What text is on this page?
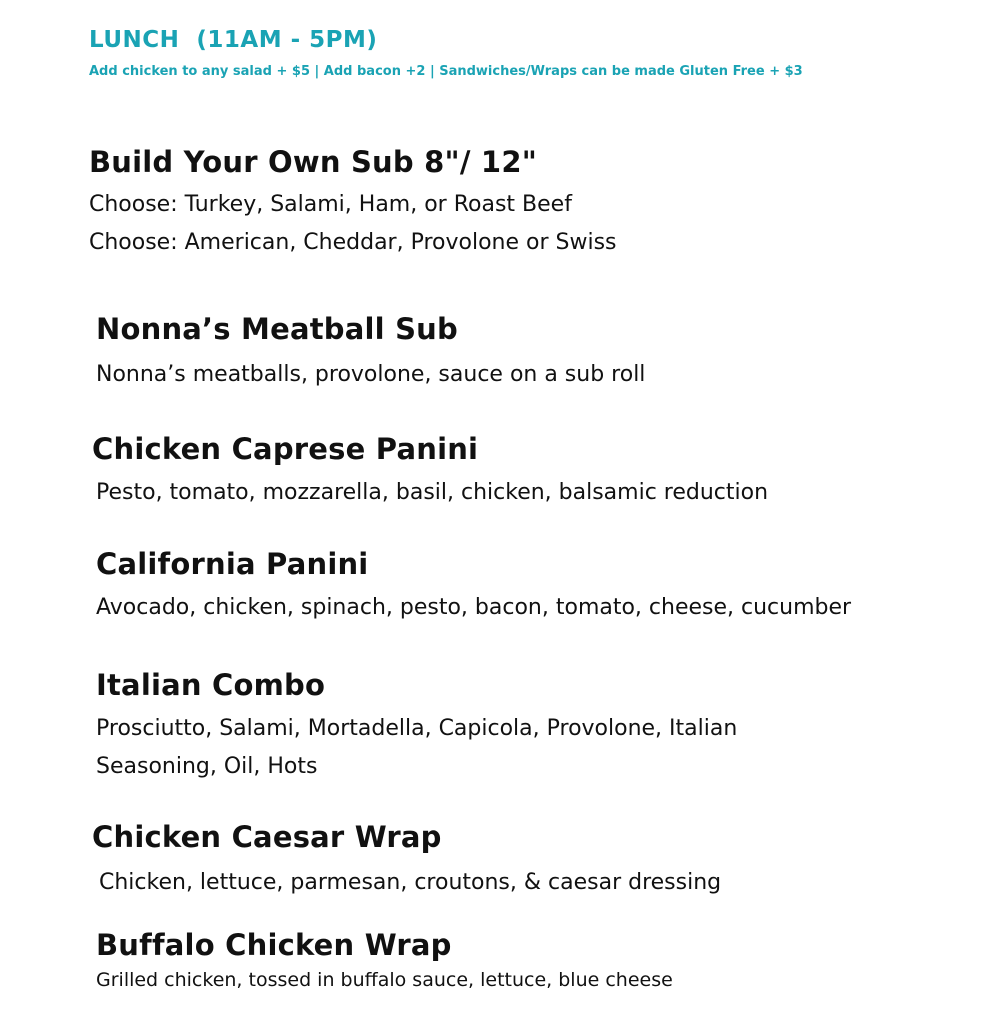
LUNCH  (11AM - 5PM)
Add chicken to any salad + $5 | Add bacon +2 | Sandwiches/Wraps can be made Gluten Free + $3
Build Your Own Sub 8"/ 12"
Choose: Turkey, Salami, Ham, or Roast Beef
Choose: American, Cheddar, Provolone or Swiss
Nonna’s Meatball Sub
Nonna’s meatballs, provolone, sauce on a sub roll
Chicken Caprese Panini
Pesto, tomato, mozzarella, basil, chicken, balsamic reduction
California Panini
Avocado, chicken, spinach, pesto, bacon, tomato, cheese, cucumber
Italian Combo
Prosciutto, Salami, Mortadella, Capicola, Provolone, Italian
Seasoning, Oil, Hots
Chicken Caesar Wrap
Chicken, lettuce, parmesan, croutons, & caesar dressing
Buffalo Chicken Wrap
Grilled chicken, tossed in buffalo sauce, lettuce, blue cheese
